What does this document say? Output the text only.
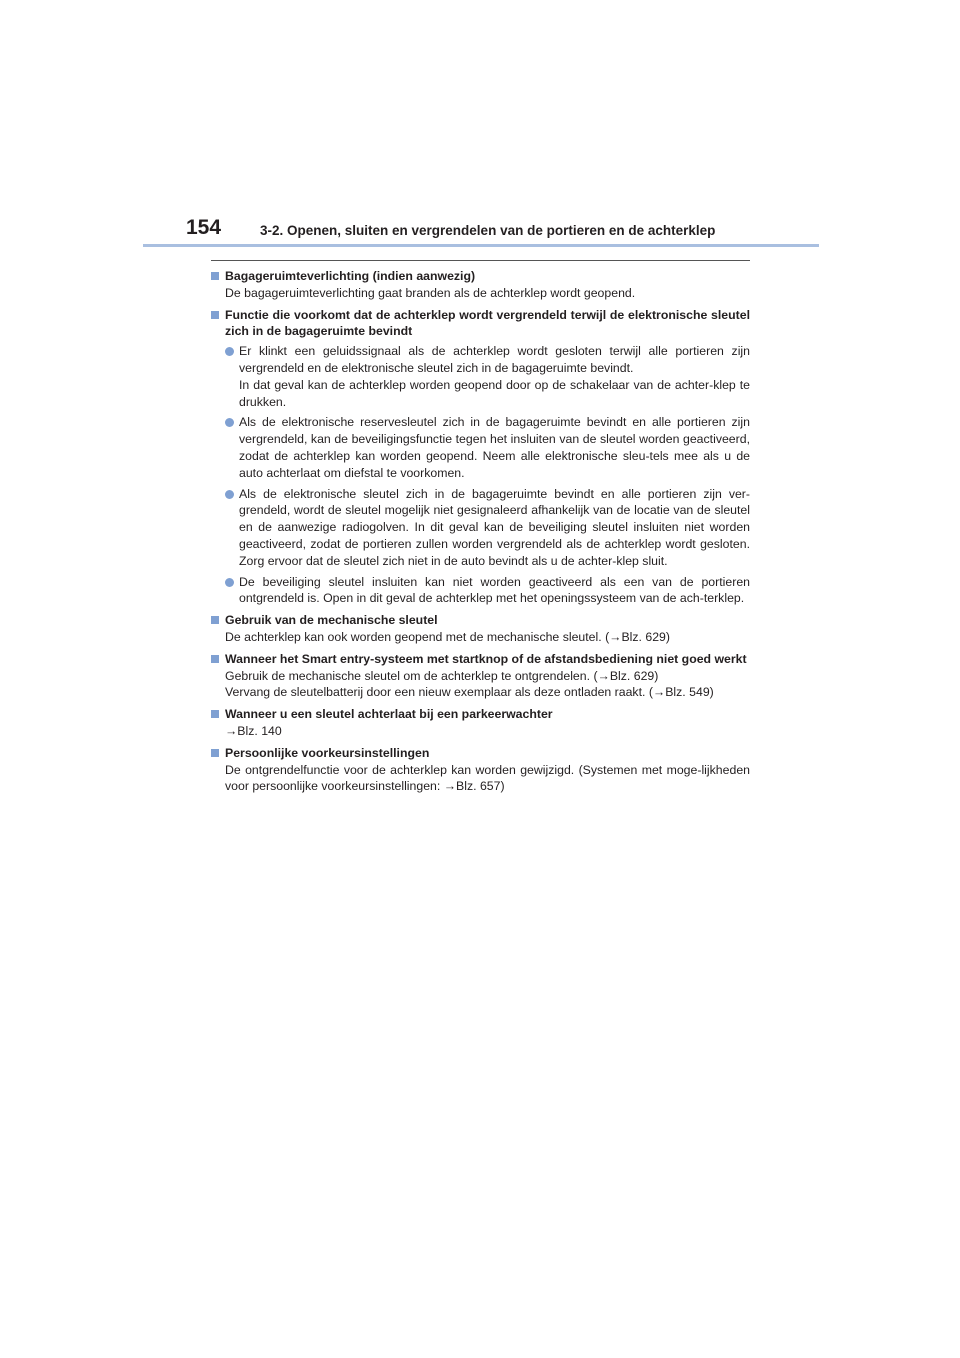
154	3-2. Openen, sluiten en vergrendelen van de portieren en de achterklep
Bagageruimteverlichting (indien aanwezig)
De bagageruimteverlichting gaat branden als de achterklep wordt geopend.
Functie die voorkomt dat de achterklep wordt vergrendeld terwijl de elektronische sleutel zich in de bagageruimte bevindt
Er klinkt een geluidssignaal als de achterklep wordt gesloten terwijl alle portieren zijn vergrendeld en de elektronische sleutel zich in de bagageruimte bevindt.
In dat geval kan de achterklep worden geopend door op de schakelaar van de achter-klep te drukken.
Als de elektronische reservesleutel zich in de bagageruimte bevindt en alle portieren zijn vergrendeld, kan de beveiligingsfunctie tegen het insluiten van de sleutel worden geactiveerd, zodat de achterklep kan worden geopend. Neem alle elektronische sleu-tels mee als u de auto achterlaat om diefstal te voorkomen.
Als de elektronische sleutel zich in de bagageruimte bevindt en alle portieren zijn ver-grendeld, wordt de sleutel mogelijk niet gesignaleerd afhankelijk van de locatie van de sleutel en de aanwezige radiogolven. In dit geval kan de beveiliging sleutel insluiten niet worden geactiveerd, zodat de portieren zullen worden vergrendeld als de achterklep wordt gesloten. Zorg ervoor dat de sleutel zich niet in de auto bevindt als u de achter-klep sluit.
De beveiliging sleutel insluiten kan niet worden geactiveerd als een van de portieren ontgrendeld is. Open in dit geval de achterklep met het openingssysteem van de ach-terklep.
Gebruik van de mechanische sleutel
De achterklep kan ook worden geopend met de mechanische sleutel. (→Blz. 629)
Wanneer het Smart entry-systeem met startknop of de afstandsbediening niet goed werkt
Gebruik de mechanische sleutel om de achterklep te ontgrendelen. (→Blz. 629)
Vervang de sleutelbatterij door een nieuw exemplaar als deze ontladen raakt. (→Blz. 549)
Wanneer u een sleutel achterlaat bij een parkeerwachter
→Blz. 140
Persoonlijke voorkeursinstellingen
De ontgrendelfunctie voor de achterklep kan worden gewijzigd. (Systemen met moge-lijkheden voor persoonlijke voorkeursinstellingen: →Blz. 657)
